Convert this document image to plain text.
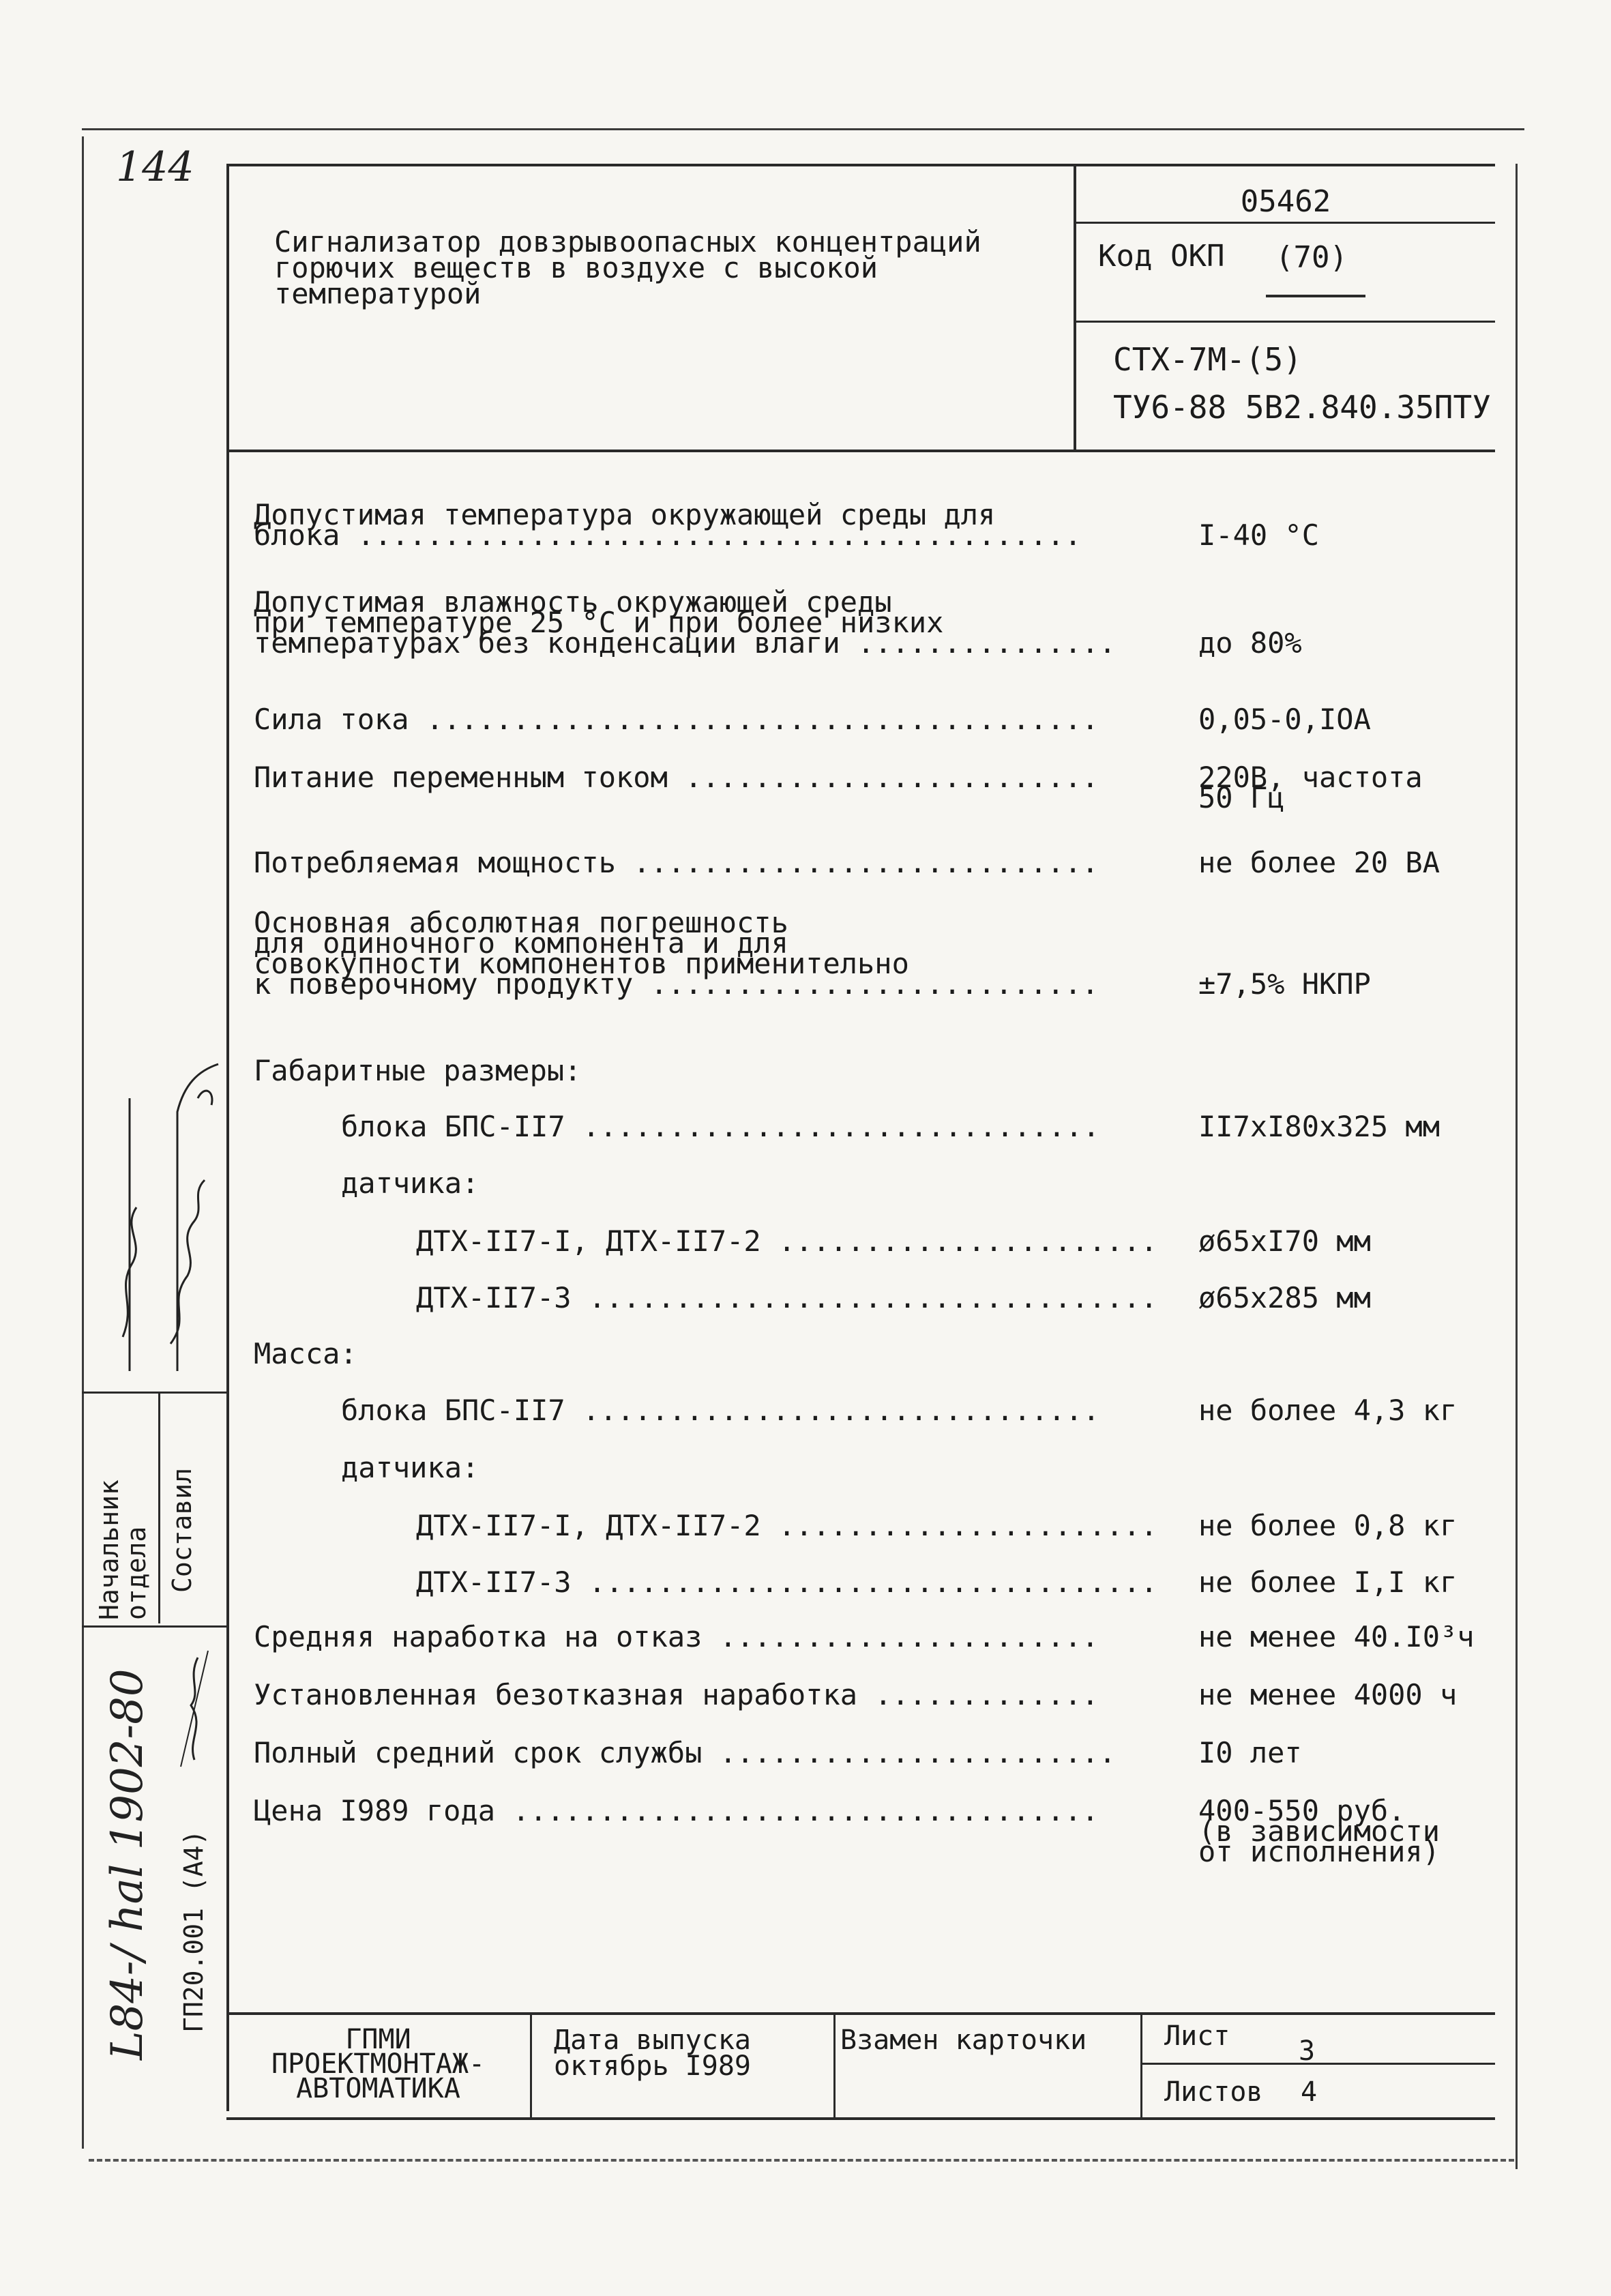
144
Сигнализатор довзрывоопасных концентраций
горючих веществ в воздухе с высокой
температурой
05462
Код ОКП (70)
СТХ-7М-(5)
ТУ6-88 5В2.840.35ПТУ
Допустимая температура окружающей среды для
блока ..........................................	I-40 °C
Допустимая влажность окружающей среды
при температуре 25 °С и при более низких
температурах без конденсации влаги ...............	до 80%
Сила тока .......................................	0,05-0,IOA
Питание переменным током ........................	220В, частота
50 Гц
Потребляемая мощность ...........................	не более 20 ВА
Основная абсолютная погрешность
для одиночного компонента и для
совокупности компонентов применительно
к поверочному продукту ..........................	±7,5% НКПР
Габаритные размеры:
блока БПС-II7 ..............................	II7xI80x325 мм
датчика:
ДТХ-II7-I, ДТХ-II7-2 ......................	ø65xI70 мм
ДТХ-II7-3 .................................	ø65x285 мм
Масса:
блока БПС-II7 ..............................	не более 4,3 кг
датчика:
ДТХ-II7-I, ДТХ-II7-2 ......................	не более 0,8 кг
ДТХ-II7-3 .................................	не более I,I кг
Средняя наработка на отказ ......................	не менее 40.I0³ч
Установленная безотказная наработка .............	не менее 4000 ч
Полный средний срок службы .......................	I0 лет
Цена I989 года ..................................	400-550 руб.
(в зависимости
от исполнения)
ГПМИ
ПРОЕКТМОНТАЖ-
АВТОМАТИКА
Дата выпуска
октябрь I989
Взамен карточки	Лист	3
Листов 4
Начальник отдела Составил
ГП20.001 (А4)
L84-/ hal 1902-80
